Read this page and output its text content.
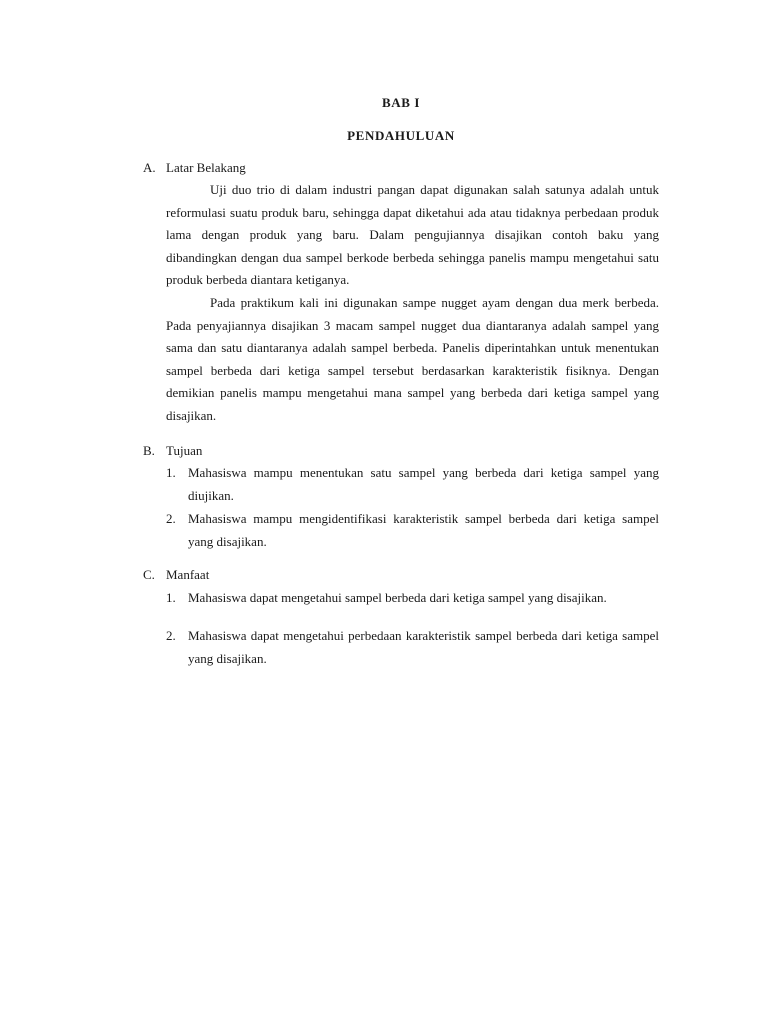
BAB I
PENDAHULUAN
A. Latar Belakang

Uji duo trio di dalam industri pangan dapat digunakan salah satunya adalah untuk reformulasi suatu produk baru, sehingga dapat diketahui ada atau tidaknya perbedaan produk lama dengan produk yang baru. Dalam pengujiannya disajikan contoh baku yang dibandingkan dengan dua sampel berkode berbeda sehingga panelis mampu mengetahui satu produk berbeda diantara ketiganya.

Pada praktikum kali ini digunakan sampe nugget ayam dengan dua merk berbeda. Pada penyajiannya disajikan 3 macam sampel nugget dua diantaranya adalah sampel yang sama dan satu diantaranya adalah sampel berbeda. Panelis diperintahkan untuk menentukan sampel berbeda dari ketiga sampel tersebut berdasarkan karakteristik fisiknya. Dengan demikian panelis mampu mengetahui mana sampel yang berbeda dari ketiga sampel yang disajikan.

B. Tujuan
1. Mahasiswa mampu menentukan satu sampel yang berbeda dari ketiga sampel yang diujikan.
2. Mahasiswa mampu mengidentifikasi karakteristik sampel berbeda dari ketiga sampel yang disajikan.
C. Manfaat
1. Mahasiswa dapat mengetahui sampel berbeda dari ketiga sampel yang disajikan.
2. Mahasiswa dapat mengetahui perbedaan karakteristik sampel berbeda dari ketiga sampel yang disajikan.
